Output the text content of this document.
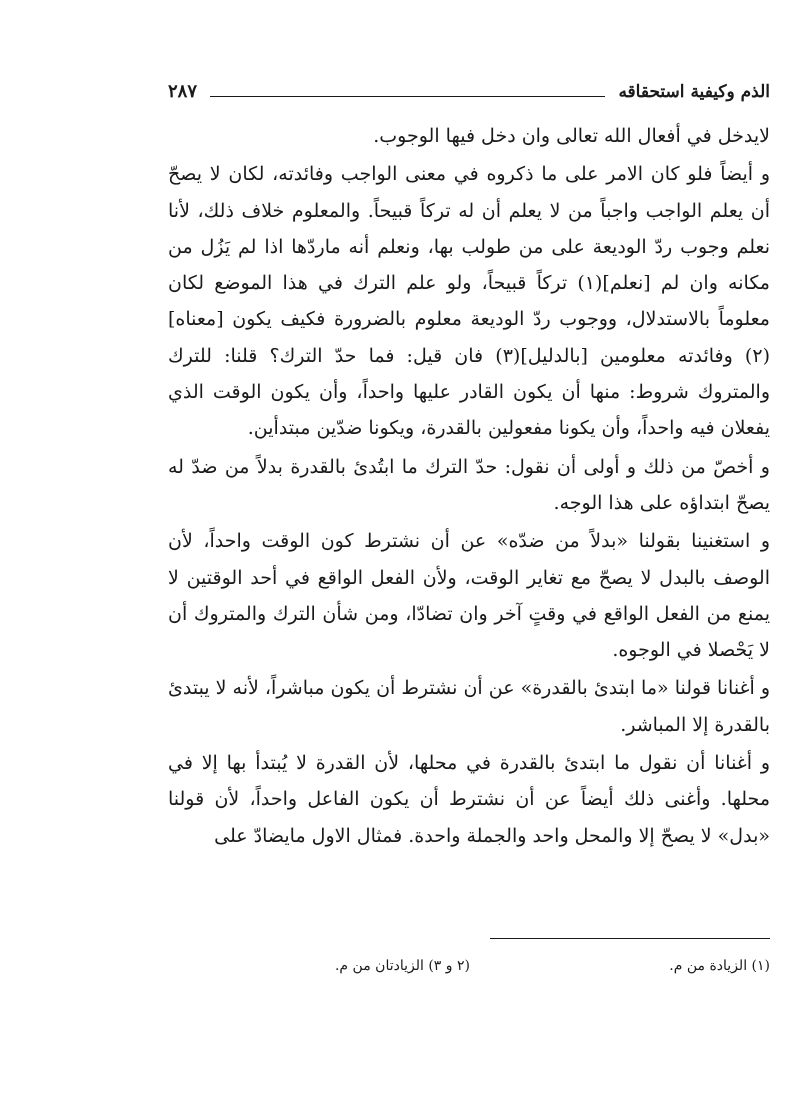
الذم وكيفية استحقاقه
٢٨٧

لايدخل في أفعال الله تعالى وان دخل فيها الوجوب.

و أيضاً فلو كان الامر على ما ذكروه في معنى الواجب وفائدته، لكان لا يصحّ أن يعلم الواجب واجباً من لا يعلم أن له تركاً قبيحاً. والمعلوم خلاف ذلك، لأنا نعلم وجوب ردّ الوديعة على من طولب بها، ونعلم أنه ماردّها اذا لم يَزُل من مكانه وان لم [نعلم](١) تركاً قبيحاً، ولو علم الترك في هذا الموضع لكان معلوماً بالاستدلال، ووجوب ردّ الوديعة معلوم بالضرورة فكيف يكون [معناه](٢) وفائدته معلومين [بالدليل](٣) فان قيل: فما حدّ الترك؟ قلنا: للترك والمتروك شروط: منها أن يكون القادر عليها واحداً، وأن يكون الوقت الذي يفعلان فيه واحداً، وأن يكونا مفعولين بالقدرة، ويكونا ضدّين مبتدأين.

و أخصّ من ذلك و أولى أن نقول: حدّ الترك ما ابتُدئ بالقدرة بدلاً من ضدّ له يصحّ ابتداؤه على هذا الوجه.

و استغنينا بقولنا «بدلاً من ضدّه» عن أن نشترط كون الوقت واحداً، لأن الوصف بالبدل لا يصحّ مع تغاير الوقت، ولأن الفعل الواقع في أحد الوقتين لا يمنع من الفعل الواقع في وقتٍ آخر وان تضادّا، ومن شأن الترك والمتروك أن لا يَحْصلا في الوجوه.

و أغنانا قولنا «ما ابتدئ بالقدرة» عن أن نشترط أن يكون مباشراً، لأنه لا يبتدئ بالقدرة إلا المباشر.

و أغنانا أن نقول ما ابتدئ بالقدرة في محلها، لأن القدرة لا يُبتدأ بها إلا في محلها. وأغنى ذلك أيضاً عن أن نشترط أن يكون الفاعل واحداً، لأن قولنا «بدل» لا يصحّ إلا والمحل واحد والجملة واحدة. فمثال الاول مايضادّ على

(١) الزيادة من م.
(٢ و ٣) الزيادتان من م.
